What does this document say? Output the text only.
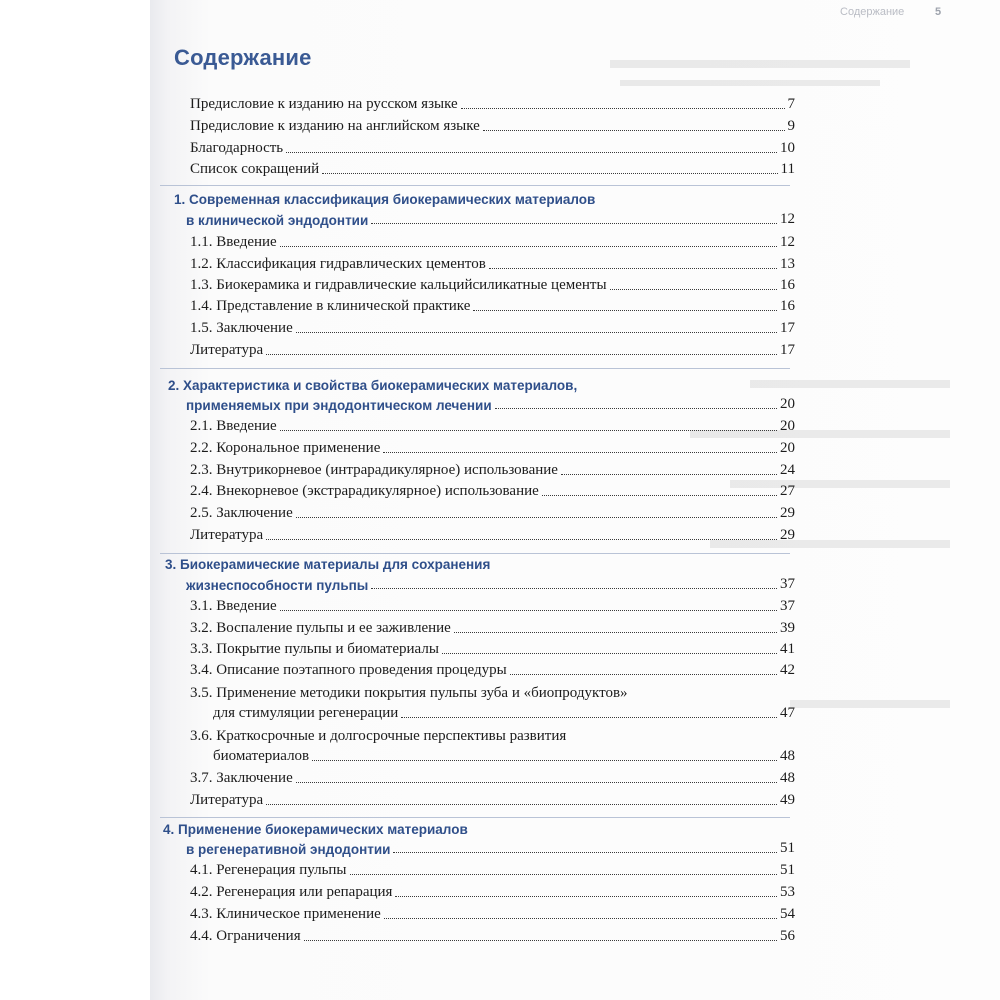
Содержание	5
Содержание
Предисловие к изданию на русском языке	7
Предисловие к изданию на английском языке	9
Благодарность	10
Список сокращений	11
1. Современная классификация биокерамических материалов
в клинической эндодонтии	12
1.1. Введение	12
1.2. Классификация гидравлических цементов	13
1.3. Биокерамика и гидравлические кальцийсиликатные цементы	16
1.4. Представление в клинической практике	16
1.5. Заключение	17
Литература	17
2. Характеристика и свойства биокерамических материалов,
применяемых при эндодонтическом лечении	20
2.1. Введение	20
2.2. Корональное применение	20
2.3. Внутрикорневое (интрарадикулярное) использование	24
2.4. Внекорневое (экстрарадикулярное) использование	27
2.5. Заключение	29
Литература	29
3. Биокерамические материалы для сохранения
жизнеспособности пульпы	37
3.1. Введение	37
3.2. Воспаление пульпы и ее заживление	39
3.3. Покрытие пульпы и биоматериалы	41
3.4. Описание поэтапного проведения процедуры	42
3.5. Применение методики покрытия пульпы зуба и «биопродуктов»
для стимуляции регенерации	47
3.6. Краткосрочные и долгосрочные перспективы развития
биоматериалов	48
3.7. Заключение	48
Литература	49
4. Применение биокерамических материалов
в регенеративной эндодонтии	51
4.1. Регенерация пульпы	51
4.2. Регенерация или репарация	53
4.3. Клиническое применение	54
4.4. Ограничения	56
